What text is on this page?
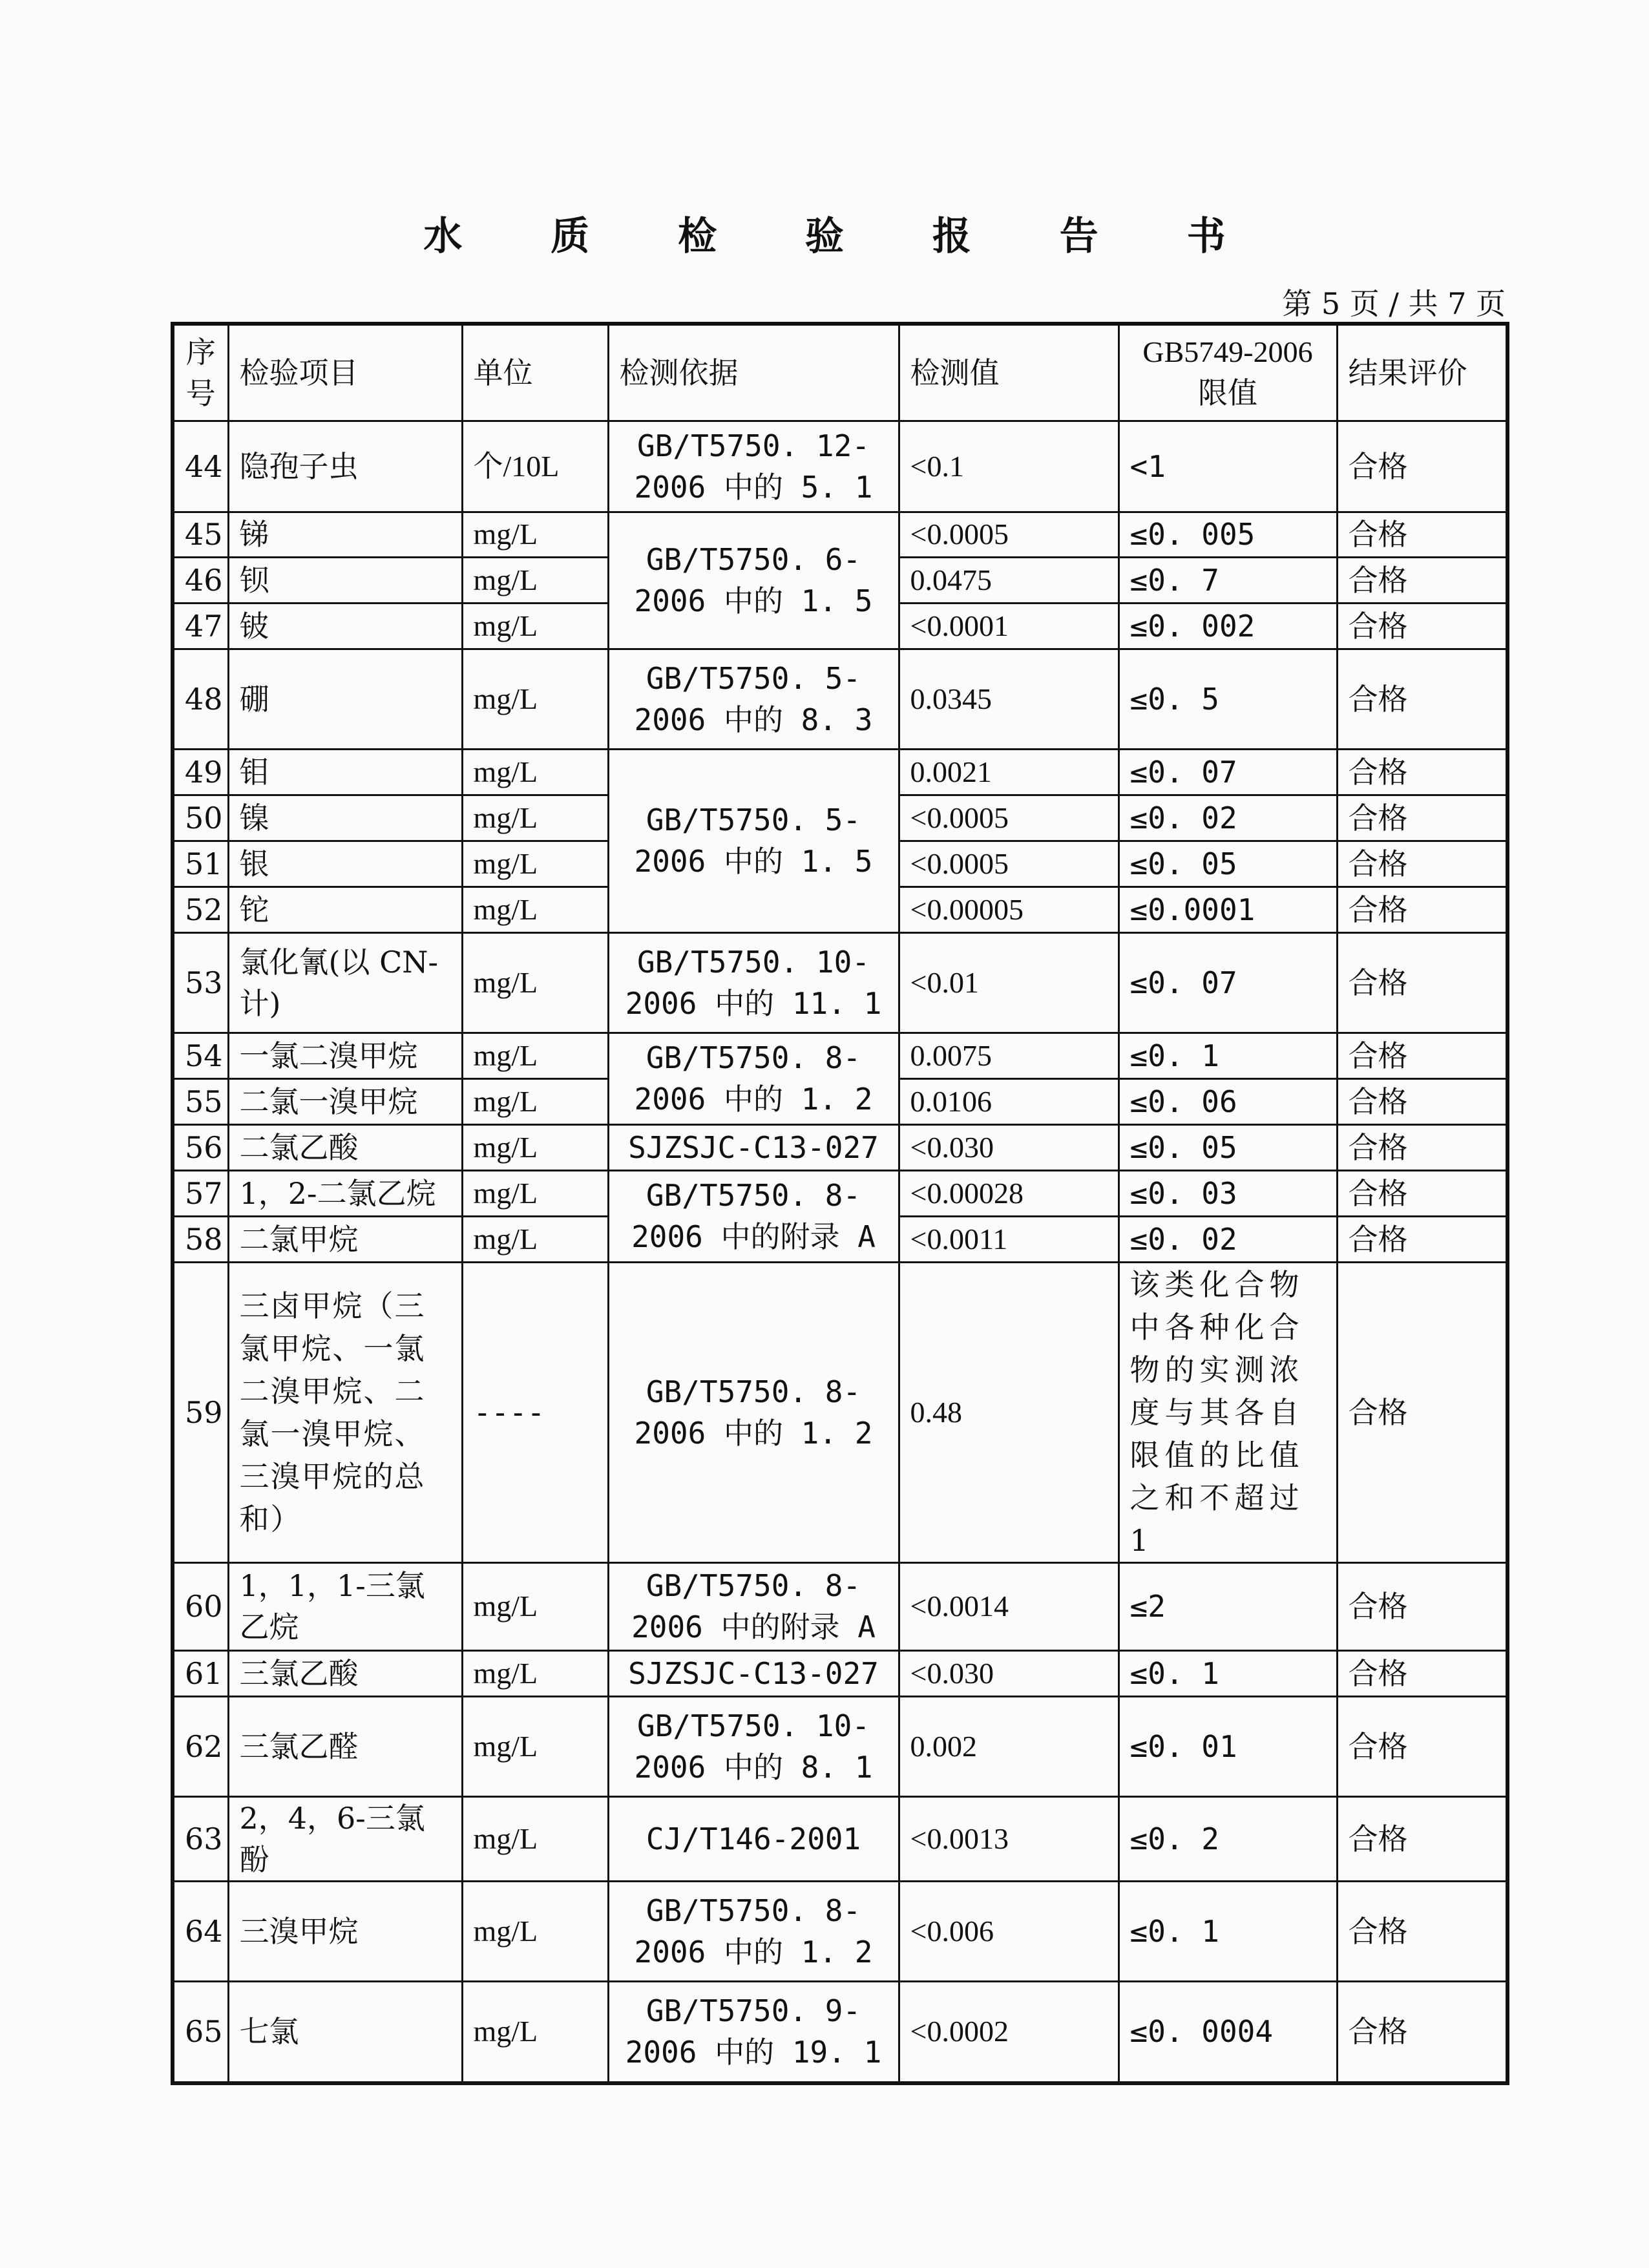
水 质 检 验 报 告 书
第 5 页 / 共 7 页
序号	检验项目	单位	检测依据	检测值	GB5749-2006 限值	结果评价
44	隐孢子虫	个/10L	GB/T5750. 12-2006 中的 5. 1	<0.1	<1	合格
45	锑	mg/L	GB/T5750. 6-2006 中的 1. 5	<0.0005	≤0. 005	合格
46	钡	mg/L		0.0475	≤0. 7	合格
47	铍	mg/L		<0.0001	≤0. 002	合格
48	硼	mg/L	GB/T5750. 5-2006 中的 8. 3	0.0345	≤0. 5	合格
49	钼	mg/L	GB/T5750. 5-2006 中的 1. 5	0.0021	≤0. 07	合格
50	镍	mg/L		<0.0005	≤0. 02	合格
51	银	mg/L		<0.0005	≤0. 05	合格
52	铊	mg/L		<0.00005	≤0.0001	合格
53	氯化氰(以 CN- 计)	mg/L	GB/T5750. 10-2006 中的 11. 1	<0.01	≤0. 07	合格
54	一氯二溴甲烷	mg/L	GB/T5750. 8-2006 中的 1. 2	0.0075	≤0. 1	合格
55	二氯一溴甲烷	mg/L		0.0106	≤0. 06	合格
56	二氯乙酸	mg/L	SJZSJC-C13-027	<0.030	≤0. 05	合格
57	1，2-二氯乙烷	mg/L	GB/T5750. 8-2006 中的附录 A	<0.00028	≤0. 03	合格
58	二氯甲烷	mg/L		<0.0011	≤0. 02	合格
59	三卤甲烷（三氯甲烷、一氯二溴甲烷、二氯一溴甲烷、三溴甲烷的总和）	----	GB/T5750. 8-2006 中的 1. 2	0.48	该类化合物中各种化合物的实测浓度与其各自限值的比值之和不超过1	合格
60	1，1，1-三氯乙烷	mg/L	GB/T5750. 8-2006 中的附录 A	<0.0014	≤2	合格
61	三氯乙酸	mg/L	SJZSJC-C13-027	<0.030	≤0. 1	合格
62	三氯乙醛	mg/L	GB/T5750. 10-2006 中的 8. 1	0.002	≤0. 01	合格
63	2，4，6-三氯酚	mg/L	CJ/T146-2001	<0.0013	≤0. 2	合格
64	三溴甲烷	mg/L	GB/T5750. 8-2006 中的 1. 2	<0.006	≤0. 1	合格
65	七氯	mg/L	GB/T5750. 9-2006 中的 19. 1	<0.0002	≤0. 0004	合格
